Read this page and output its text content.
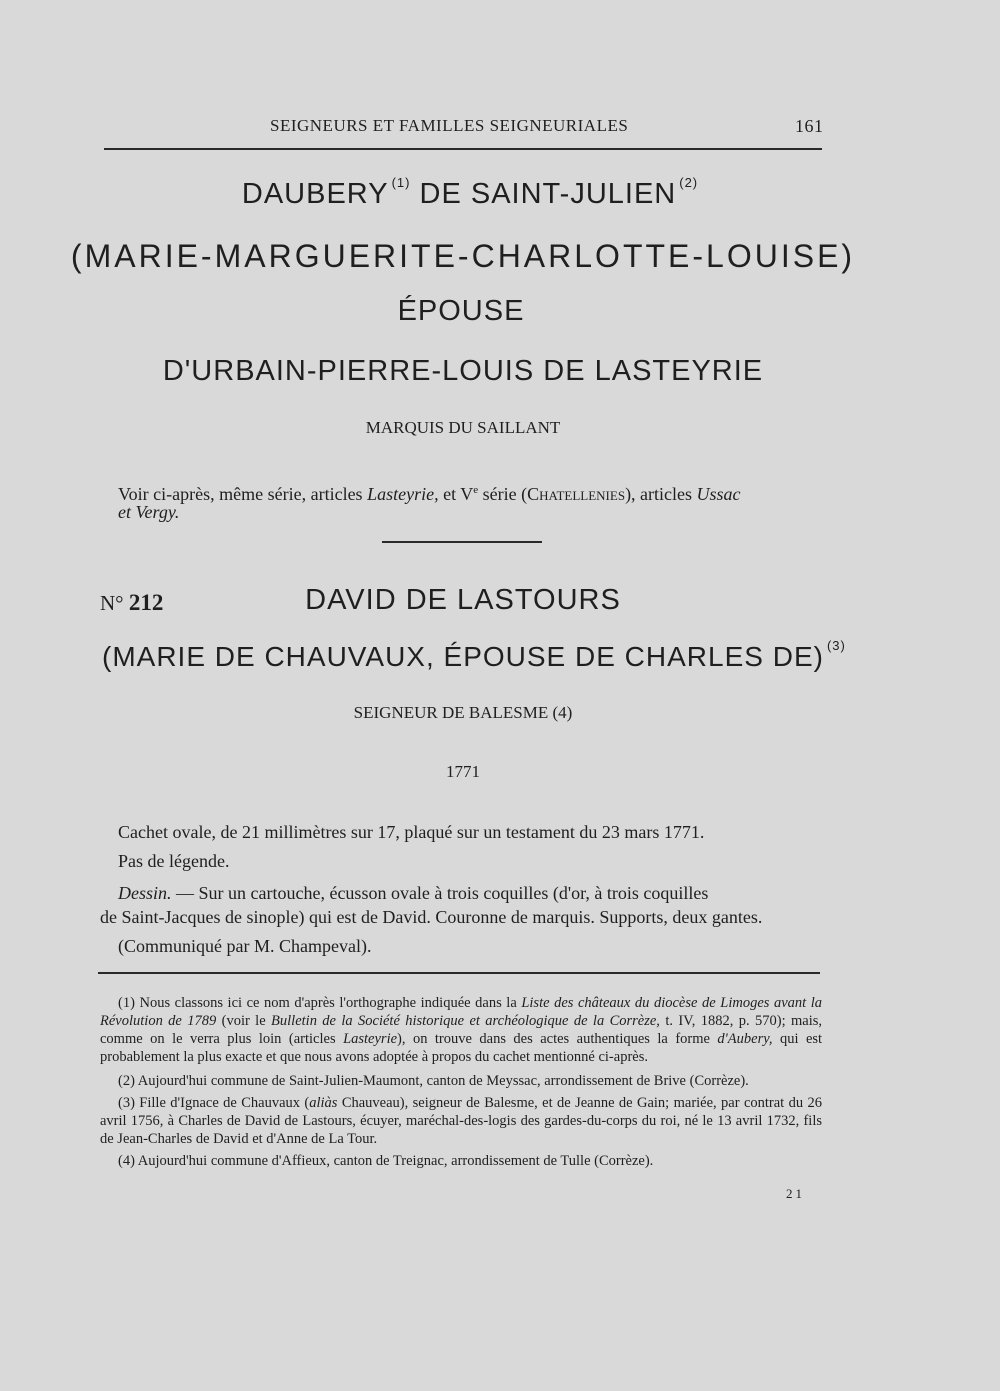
SEIGNEURS ET FAMILLES SEIGNEURIALES	161
DAUBERY $^{(1)}$ DE SAINT-JULIEN $^{(2)}$
(MARIE-MARGUERITE-CHARLOTTE-LOUISE)
ÉPOUSE
D'URBAIN-PIERRE-LOUIS DE LASTEYRIE
MARQUIS DU SAILLANT
Voir ci-après, même série, articles Lasteyrie, et Ve série (Chatellenies), articles Ussac
et Vergy.
N° 212	DAVID DE LASTOURS
(MARIE DE CHAUVAUX, ÉPOUSE DE CHARLES DE) $^{(3)}$
SEIGNEUR DE BALESME (4)
1771
Cachet ovale, de 21 millimètres sur 17, plaqué sur un testament du 23 mars 1771.
Pas de légende.
Dessin. — Sur un cartouche, écusson ovale à trois coquilles (d'or, à trois coquilles
de Saint-Jacques de sinople) qui est de David. Couronne de marquis. Supports, deux gantes.
(Communiqué par M. Champeval).

(1) Nous classons ici ce nom d'après l'orthographe indiquée dans la Liste des châteaux du diocèse de Limoges avant la Révolution de 1789 (voir le Bulletin de la Société historique et archéologique de la Corrèze, t. IV, 1882, p. 570); mais, comme on le verra plus loin (articles Lasteyrie), on trouve dans des actes authentiques la forme d'Aubery, qui est probablement la plus exacte et que nous avons adoptée à propos du cachet mentionné ci-après.

(2) Aujourd'hui commune de Saint-Julien-Maumont, canton de Meyssac, arrondissement de Brive (Corrèze).

(3) Fille d'Ignace de Chauvaux (aliàs Chauveau), seigneur de Balesme, et de Jeanne de Gain; mariée, par contrat du 26 avril 1756, à Charles de David de Lastours, écuyer, maréchal-des-logis des gardes-du-corps du roi, né le 13 avril 1732, fils de Jean-Charles de David et d'Anne de La Tour.

(4) Aujourd'hui commune d'Affieux, canton de Treignac, arrondissement de Tulle (Corrèze).

21
